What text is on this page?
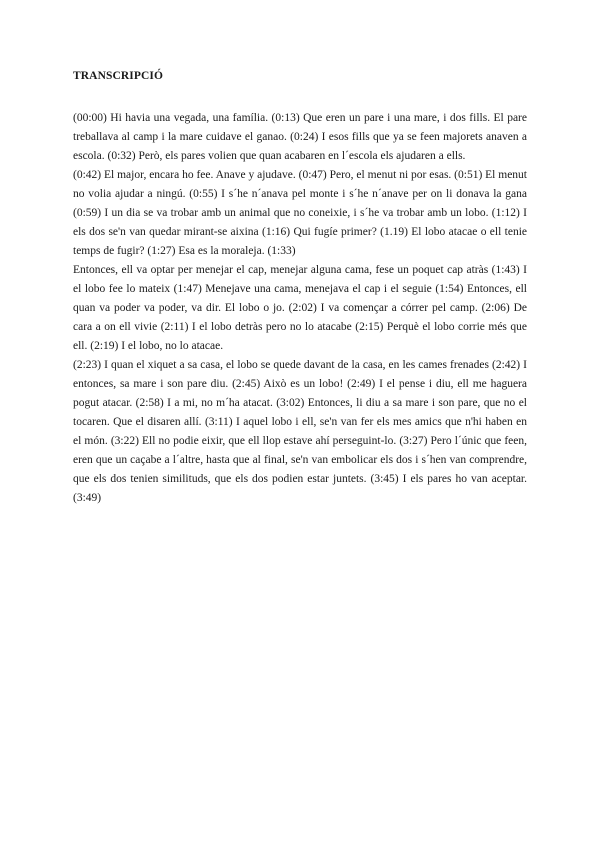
TRANSCRIPCIÓ

(00:00) Hi havia una vegada, una família. (0:13) Que eren un pare i una mare, i dos fills. El pare treballava al camp i la mare cuidave el ganao. (0:24) I esos fills que ya se feen majorets anaven a escola. (0:32) Però, els pares volien que quan acabaren en l´escola els ajudaren a ells.

(0:42) El major, encara ho fee. Anave y ajudave. (0:47) Pero, el menut ni por esas. (0:51) El menut no volia ajudar a ningú. (0:55) I s´he n´anava pel monte i s´he n´anave per on li donava la gana (0:59) I un dia se va trobar amb un animal que no coneixie, i s´he va trobar amb un lobo. (1:12) I els dos se'n van quedar mirant-se aixina (1:16) Qui fugíe primer? (1.19) El lobo atacae o ell tenie temps de fugir? (1:27) Esa es la moraleja. (1:33)

Entonces, ell va optar per menejar el cap, menejar alguna cama, fese un poquet cap atràs (1:43) I el lobo fee lo mateix (1:47) Menejave una cama, menejava el cap i el seguie (1:54) Entonces, ell quan va poder va poder, va dir. El lobo o jo. (2:02) I va començar a córrer pel camp. (2:06) De cara a on ell vivie (2:11) I el lobo detràs pero no lo atacabe (2:15) Perquè el lobo corrie més que ell. (2:19) I el lobo, no lo atacae.

(2:23) I quan el xiquet a sa casa, el lobo se quede davant de la casa, en les cames frenades (2:42) I entonces, sa mare i son pare diu. (2:45) Això es un lobo! (2:49) I el pense i diu, ell me haguera pogut atacar. (2:58) I a mi, no m´ha atacat. (3:02) Entonces, li diu a sa mare i son pare, que no el tocaren. Que el disaren allí. (3:11) I aquel lobo i ell, se'n van fer els mes amics que n'hi haben en el món. (3:22) Ell no podie eixir, que ell llop estave ahí perseguint-lo. (3:27) Pero l´únic que feen, eren que un caçabe a l´altre, hasta que al final, se'n van embolicar els dos i s´hen van comprendre, que els dos tenien similituds, que els dos podien estar juntets. (3:45) I els pares ho van aceptar. (3:49)
